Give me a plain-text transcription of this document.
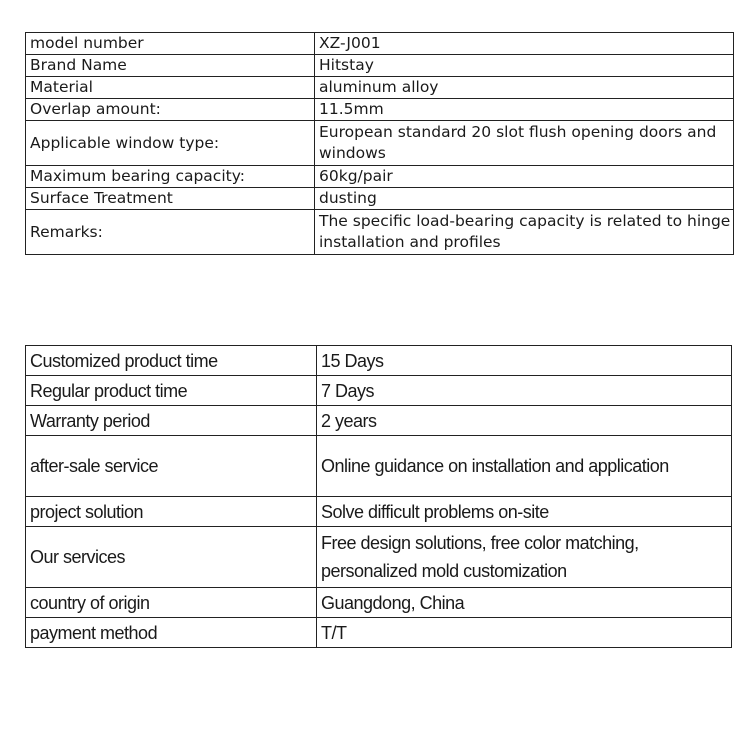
model number	XZ-J001
Brand Name	Hitstay
Material	aluminum alloy
Overlap amount:	11.5mm
Applicable window type:	European standard 20 slot flush opening doors and windows
Maximum bearing capacity:	60kg/pair
Surface Treatment	dusting
Remarks:	The specific load-bearing capacity is related to hinge installation and profiles
Customized product time	15 Days
Regular product time	7 Days
Warranty period	2 years
after-sale service	Online guidance on installation and application
project solution	Solve difficult problems on-site
Our services	Free design solutions, free color matching, personalized mold customization
country of origin	Guangdong, China
payment method	T/T
